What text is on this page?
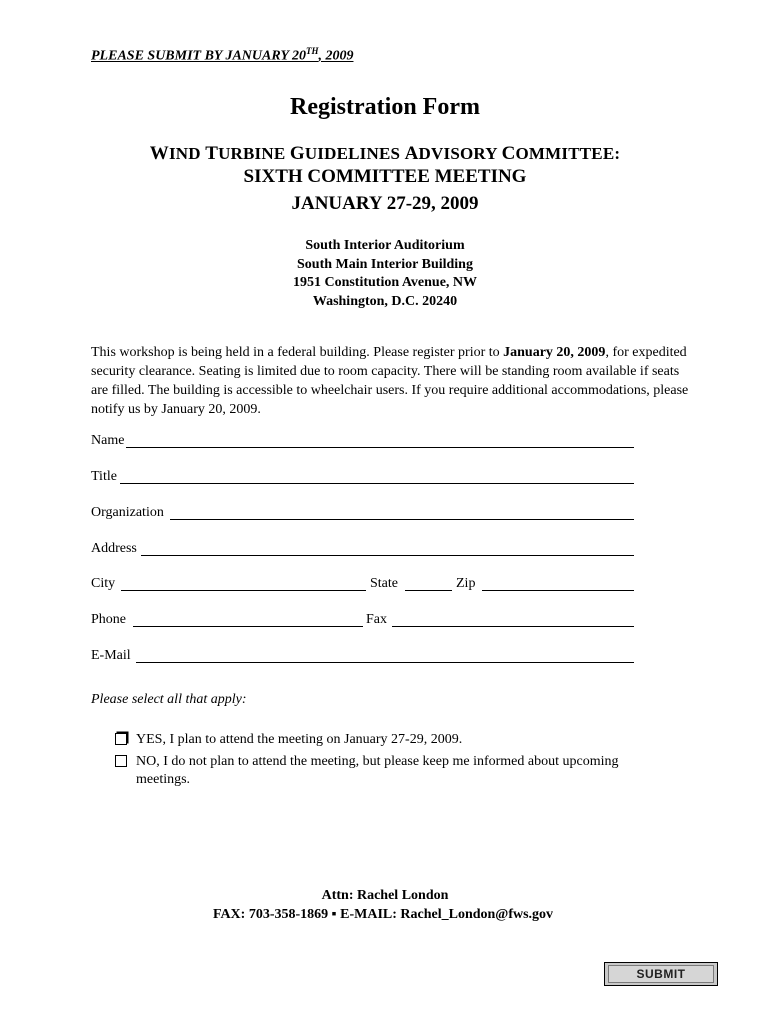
PLEASE SUBMIT BY JANUARY 20TH, 2009
Registration Form
WIND TURBINE GUIDELINES ADVISORY COMMITTEE:
SIXTH COMMITTEE MEETING
JANUARY 27-29, 2009
South Interior Auditorium
South Main Interior Building
1951 Constitution Avenue, NW
Washington, D.C. 20240
This workshop is being held in a federal building. Please register prior to January 20, 2009, for expedited security clearance. Seating is limited due to room capacity. There will be standing room available if seats are filled. The building is accessible to wheelchair users. If you require additional accommodations, please notify us by January 20, 2009.
Name
Title
Organization
Address
City	State	Zip
Phone	Fax
E-Mail
Please select all that apply:
YES, I plan to attend the meeting on January 27-29, 2009.
NO, I do not plan to attend the meeting, but please keep me informed about upcoming
meetings.
Attn: Rachel London
FAX: 703-358-1869 ▪ E-MAIL: Rachel_London@fws.gov
SUBMIT
